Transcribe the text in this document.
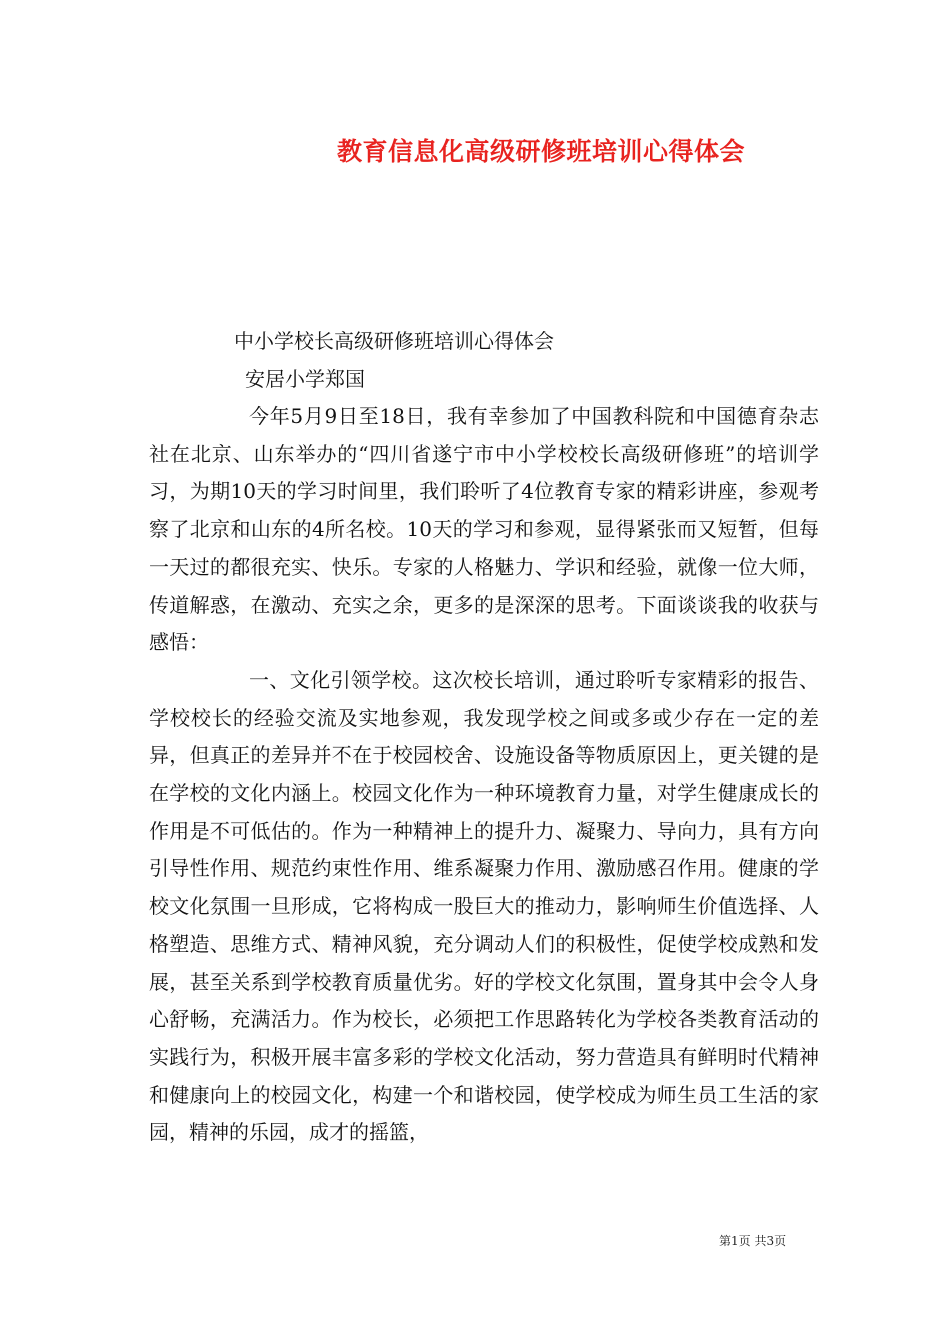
教育信息化高级研修班培训心得体会
中小学校长高级研修班培训心得体会
安居小学郑国

今年5月9日至18日，我有幸参加了中国教科院和中国德育杂志社在北京、山东举办的“四川省遂宁市中小学校校长高级研修班”的培训学习，为期10天的学习时间里，我们聆听了4位教育专家的精彩讲座，参观考察了北京和山东的4所名校。10天的学习和参观，显得紧张而又短暂，但每一天过的都很充实、快乐。专家的人格魅力、学识和经验，就像一位大师，传道解惑，在激动、充实之余，更多的是深深的思考。下面谈谈我的收获与感悟：

一、文化引领学校。这次校长培训，通过聆听专家精彩的报告、学校校长的经验交流及实地参观，我发现学校之间或多或少存在一定的差异，但真正的差异并不在于校园校舍、设施设备等物质原因上，更关键的是在学校的文化内涵上。校园文化作为一种环境教育力量，对学生健康成长的作用是不可低估的。作为一种精神上的提升力、凝聚力、导向力，具有方向引导性作用、规范约束性作用、维系凝聚力作用、激励感召作用。健康的学校文化氛围一旦形成，它将构成一股巨大的推动力，影响师生价值选择、人格塑造、思维方式、精神风貌，充分调动人们的积极性，促使学校成熟和发展，甚至关系到学校教育质量优劣。好的学校文化氛围，置身其中会令人身心舒畅，充满活力。作为校长，必须把工作思路转化为学校各类教育活动的实践行为，积极开展丰富多彩的学校文化活动，努力营造具有鲜明时代精神和健康向上的校园文化，构建一个和谐校园，使学校成为师生员工生活的家园，精神的乐园，成才的摇篮，

第1页 共3页
